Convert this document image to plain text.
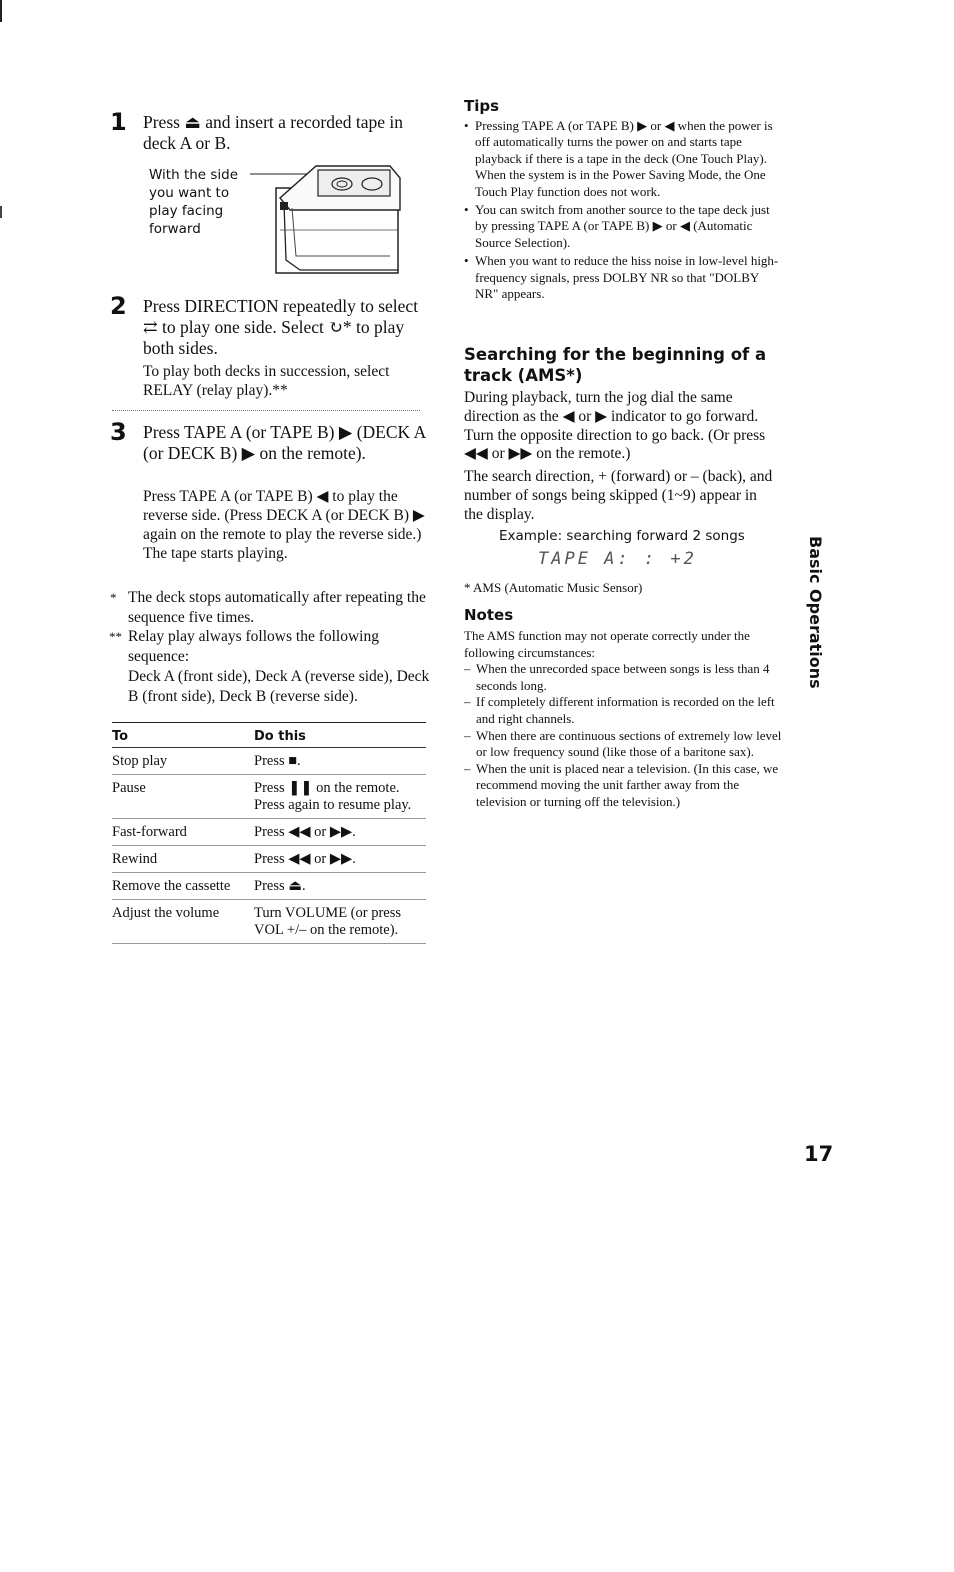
1 Press ⏏ and insert a recorded tape in deck A or B.
With the side you want to play facing forward
2 Press DIRECTION repeatedly to select ⇄ to play one side. Select ↻* to play both sides.
To play both decks in succession, select RELAY (relay play).**
3 Press TAPE A (or TAPE B) ▶ (DECK A (or DECK B) ▶ on the remote).
Press TAPE A (or TAPE B) ◀ to play the reverse side. (Press DECK A (or DECK B) ▶ again on the remote to play the reverse side.) The tape starts playing.
* The deck stops automatically after repeating the sequence five times.
** Relay play always follows the following sequence:
Deck A (front side), Deck A (reverse side), Deck B (front side), Deck B (reverse side).
To	Do this
Stop play	Press ■.
Pause	Press ❚❚ on the remote. Press again to resume play.
Fast-forward	Press ◀◀ or ▶▶.
Rewind	Press ◀◀ or ▶▶.
Remove the cassette	Press ⏏.
Adjust the volume	Turn VOLUME (or press VOL +/– on the remote).
Tips
• Pressing TAPE A (or TAPE B) ▶ or ◀ when the power is off automatically turns the power on and starts tape playback if there is a tape in the deck (One Touch Play). When the system is in the Power Saving Mode, the One Touch Play function does not work.
• You can switch from another source to the tape deck just by pressing TAPE A (or TAPE B) ▶ or ◀ (Automatic Source Selection).
• When you want to reduce the hiss noise in low-level high-frequency signals, press DOLBY NR so that "DOLBY NR" appears.
Searching for the beginning of a track (AMS*)
During playback, turn the jog dial the same direction as the ◀ or ▶ indicator to go forward. Turn the opposite direction to go back. (Or press ◀◀ or ▶▶ on the remote.)
The search direction, + (forward) or – (back), and number of songs being skipped (1~9) appear in the display.
Example: searching forward 2 songs
TAPE A: : +2
* AMS (Automatic Music Sensor)
Notes
The AMS function may not operate correctly under the following circumstances:
– When the unrecorded space between songs is less than 4 seconds long.
– If completely different information is recorded on the left and right channels.
– When there are continuous sections of extremely low level or low frequency sound (like those of a baritone sax).
– When the unit is placed near a television. (In this case, we recommend moving the unit farther away from the television or turning off the television.)
Basic Operations
17
